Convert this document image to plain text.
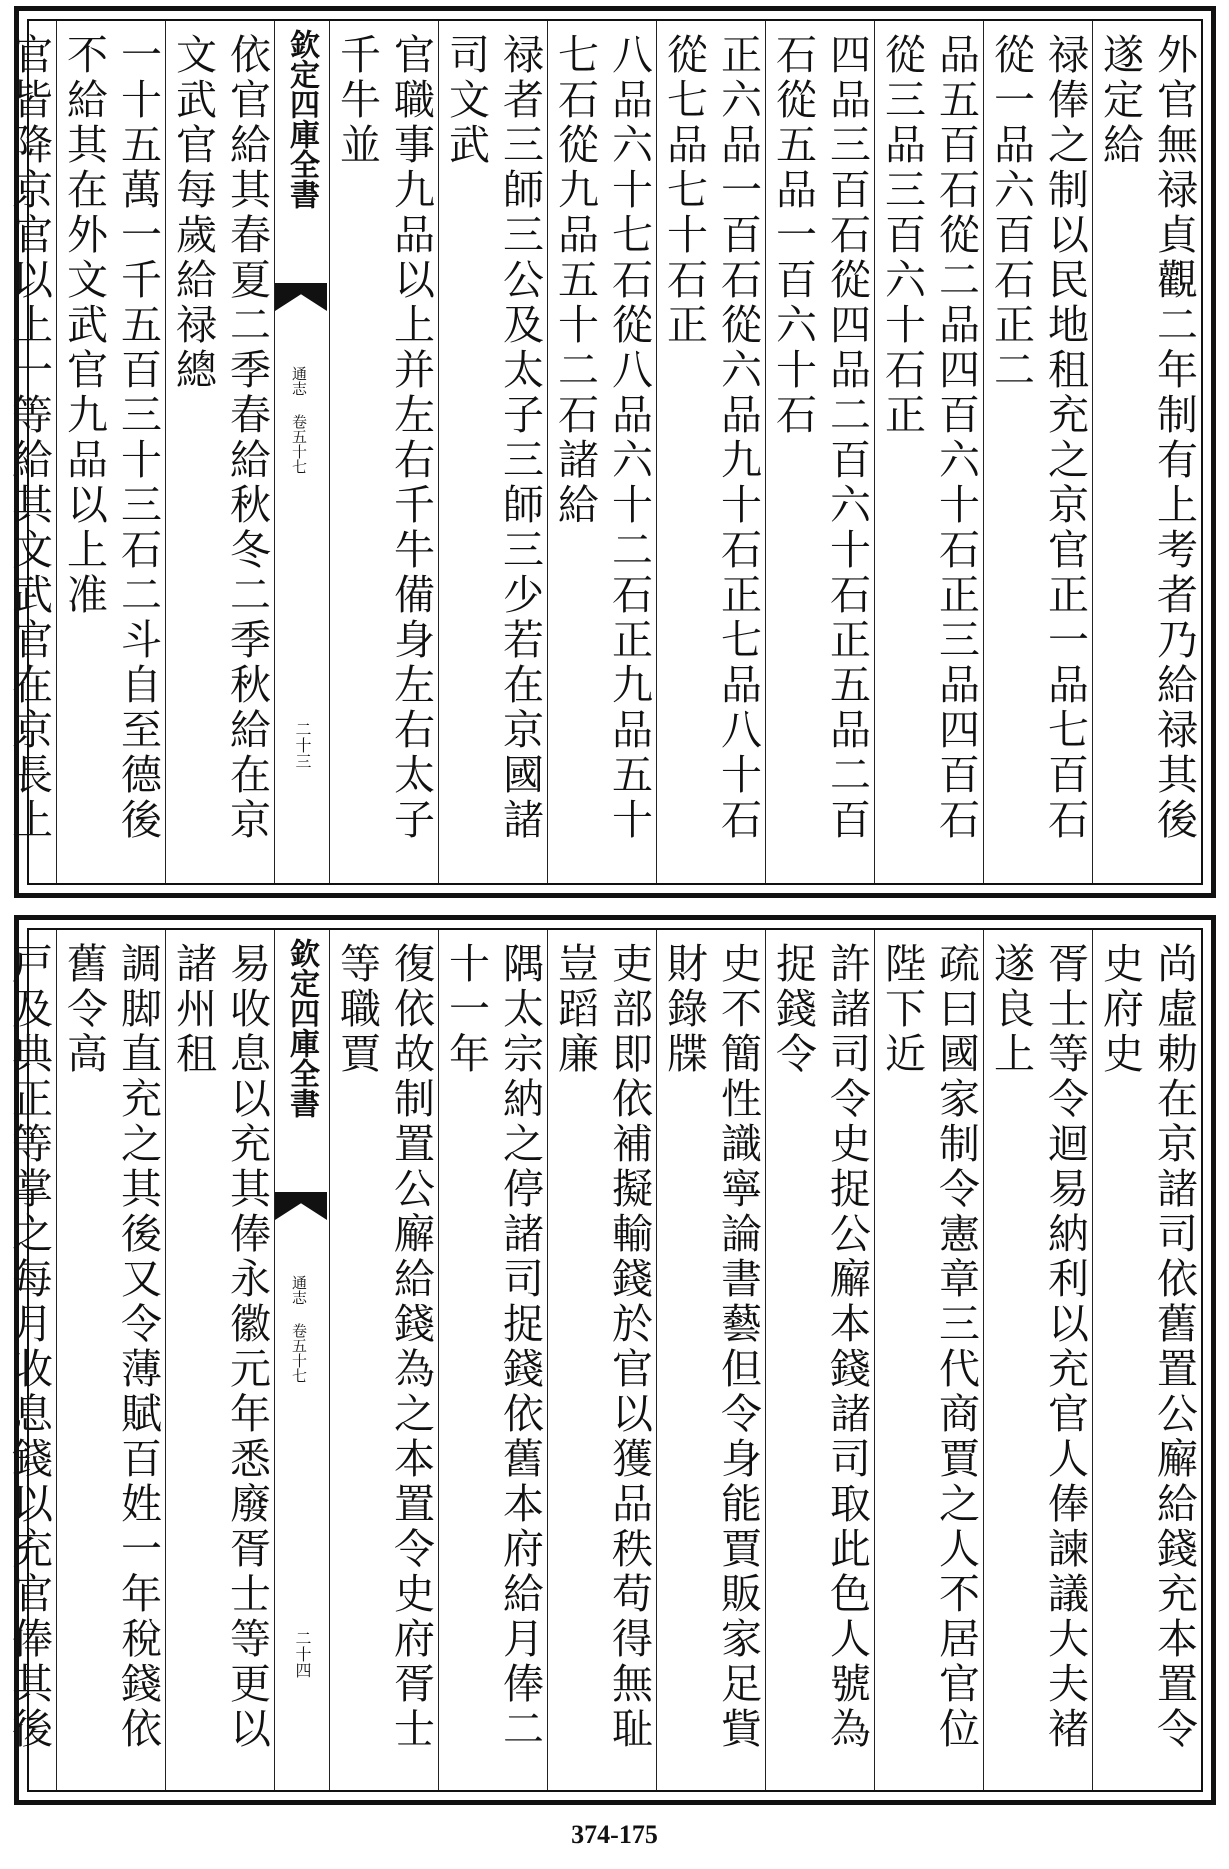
外官無禄貞觀二年制有上考者乃給禄其後遂定給
禄俸之制以民地租充之京官正一品七百石從一品六百石正二
品五百石從二品四百六十石正三品四百石從三品三百六十石正
四品三百石從四品二百六十石正五品二百石從五品一百六十石
正六品一百石從六品九十石正七品八十石從七品七十石正
八品六十七石從八品六十二石正九品五十七石從九品五十二石諸給
禄者三師三公及太子三師三少若在京國諸司文武
官職事九品以上并左右千牛備身左右太子千牛並
欽定四庫全書
通志 卷五十七
二十三
依官給其春夏二季春給秋冬二季秋給在京文武官每歲給禄總
一十五萬一千五百三十三石二斗自至德後不給其在外文武官九品以上准
官皆降京官以上一等給其文武官在京長上
尚虛勅在京諸司依舊置公廨給錢充本置令史府史
胥士等令迴易納利以充官人俸諫議大夫褚遂良上
疏曰國家制令憲章三代商賈之人不居官位陛下近
許諸司令史捉公廨本錢諸司取此色人號為捉錢令
史不簡性識寧論書藝但令身能賈販家足貲財錄牒
吏部即依補擬輸錢於官以獲品秩苟得無耻豈蹈廉
隅太宗納之停諸司捉錢依舊本府給月俸二十一年
復依故制置公廨給錢為之本置令史府胥士等職賈
欽定四庫全書
通志 卷五十七
二十四
易收息以充其俸永徽元年悉廢胥士等更以諸州租
調脚直充之其後又令薄賦百姓一年稅錢依舊令高
戸及典正等掌之每月收息錢以充官俸其後
374-175
